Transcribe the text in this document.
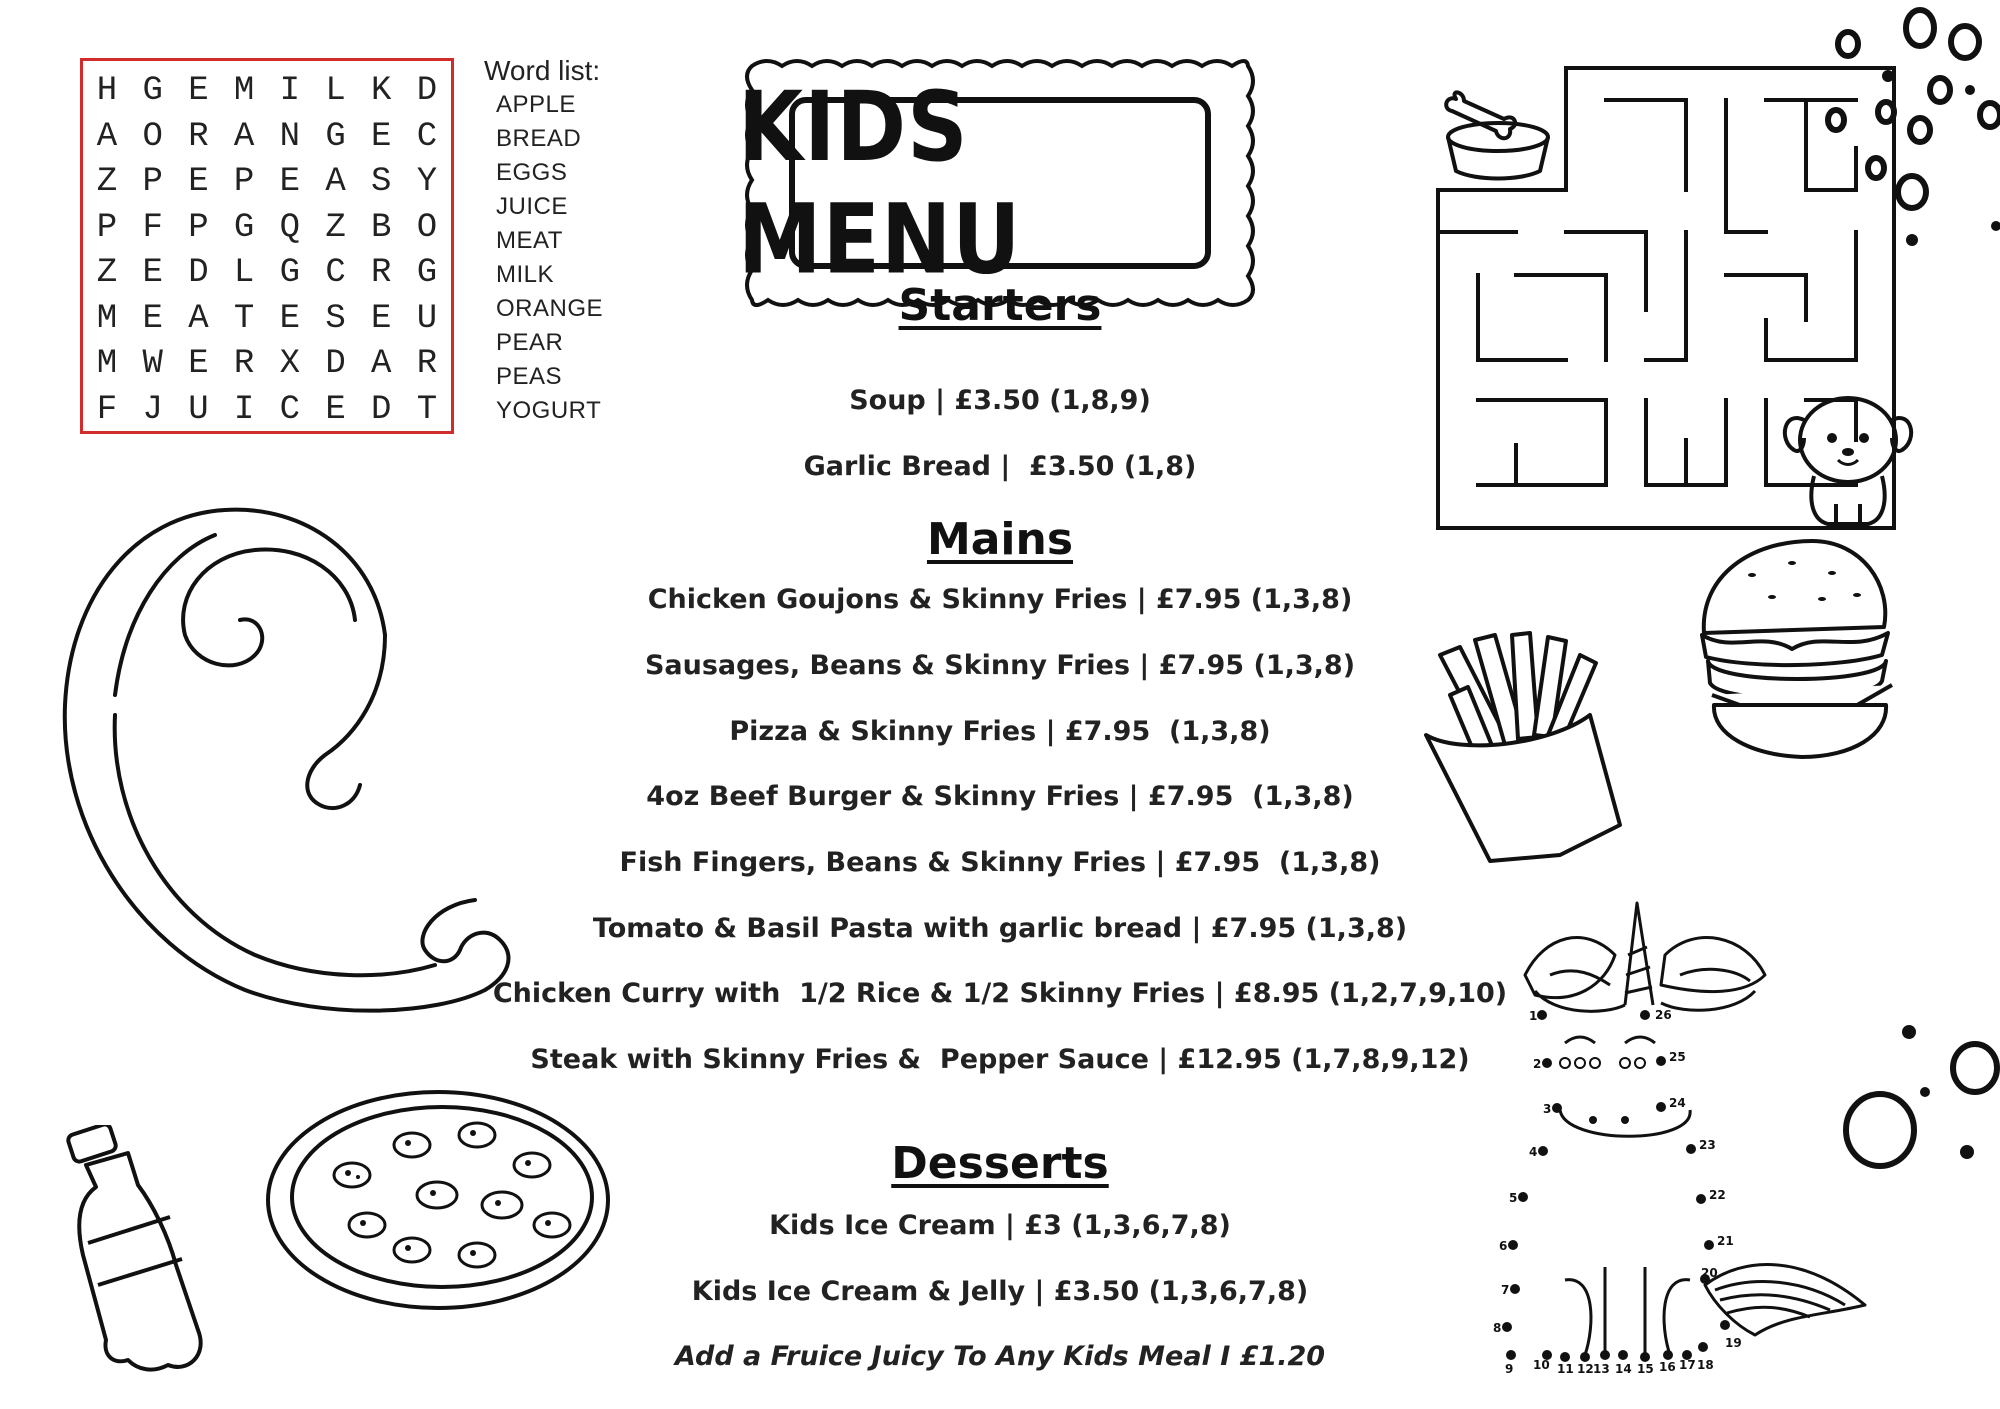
H G E M I L K D
A O R A N G E C
Z P E P E A S Y
P F P G Q Z B O
Z E D L G C R G
M E A T E S E U
M W E R X D A R
F J U I C E D T
Word list:
APPLE
BREAD
EGGS
JUICE
MEAT
MILK
ORANGE
PEAR
PEAS
YOGURT
KIDS MENU
Starters

Soup | £3.50 (1,8,9)

Garlic Bread |  £3.50 (1,8)

Mains

Chicken Goujons & Skinny Fries | £7.95 (1,3,8)

Sausages, Beans & Skinny Fries | £7.95 (1,3,8)

Pizza & Skinny Fries | £7.95  (1,3,8)

4oz Beef Burger & Skinny Fries | £7.95  (1,3,8)

Fish Fingers, Beans & Skinny Fries | £7.95  (1,3,8)

Tomato & Basil Pasta with garlic bread | £7.95 (1,3,8)

Chicken Curry with  1/2 Rice & 1/2 Skinny Fries | £8.95 (1,2,7,9,10)

Steak with Skinny Fries &  Pepper Sauce | £12.95 (1,7,8,9,12)

Desserts

Kids Ice Cream | £3 (1,3,6,7,8)

Kids Ice Cream & Jelly | £3.50 (1,3,6,7,8)

Add a Fruice Juicy To Any Kids Meal I £1.20

1
2
3
4
5
6
7
8
9 10 11 12 13 14 15 16 17 18
19
20
21
22
23
24
25
26
